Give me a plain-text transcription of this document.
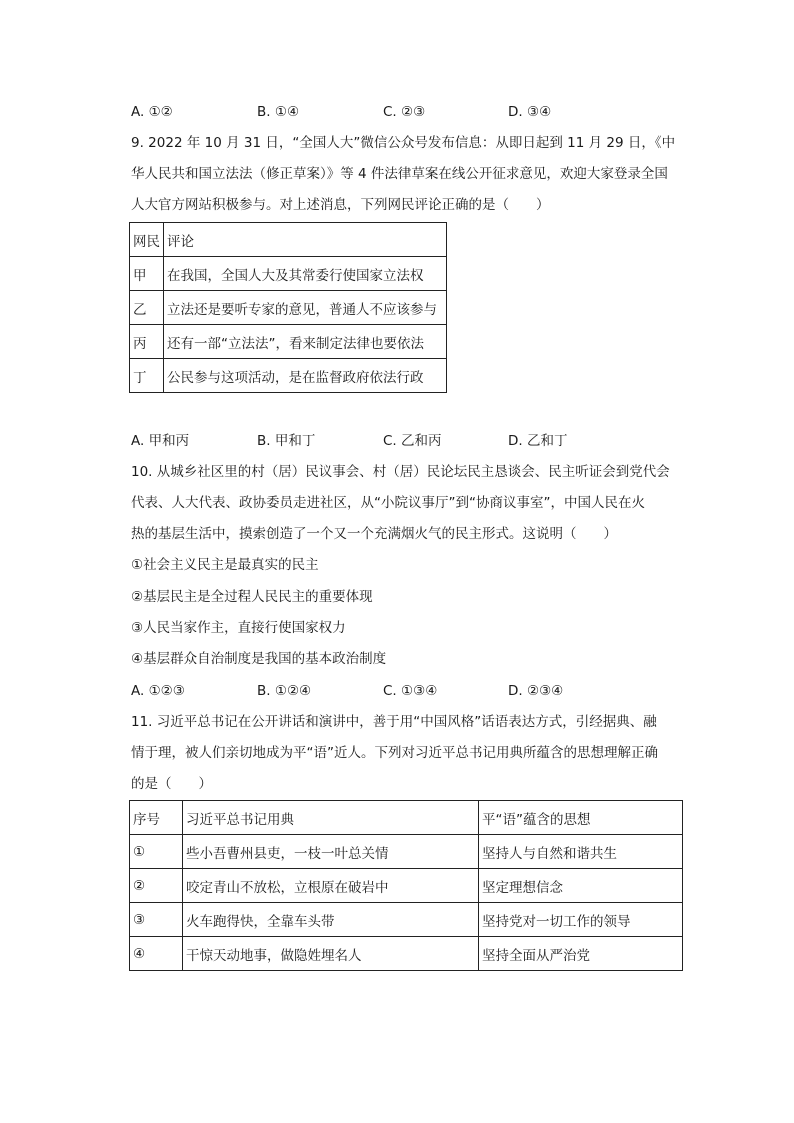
A. ①②	B. ①④	C. ②③	D. ③④
9. 2022 年 10 月 31 日，“全国人大”微信公众号发布信息：从即日起到 11 月 29 日，《中
华人民共和国立法法（修正草案）》等 4 件法律草案在线公开征求意见，欢迎大家登录全国
人大官方网站积极参与。对上述消息，下列网民评论正确的是（　　）
网民	评论
甲	在我国，全国人大及其常委行使国家立法权
乙	立法还是要听专家的意见，普通人不应该参与
丙	还有一部“立法法”，看来制定法律也要依法
丁	公民参与这项活动，是在监督政府依法行政
A. 甲和丙	B. 甲和丁	C. 乙和丙	D. 乙和丁
10. 从城乡社区里的村（居）民议事会、村（居）民论坛民主恳谈会、民主听证会到党代会
代表、人大代表、政协委员走进社区，从“小院议事厅”到“协商议事室”，中国人民在火
热的基层生活中，摸索创造了一个又一个充满烟火气的民主形式。这说明（　　）
①社会主义民主是最真实的民主
②基层民主是全过程人民民主的重要体现
③人民当家作主，直接行使国家权力
④基层群众自治制度是我国的基本政治制度
A. ①②③	B. ①②④	C. ①③④	D. ②③④
11. 习近平总书记在公开讲话和演讲中，善于用“中国风格”话语表达方式，引经据典、融
情于理，被人们亲切地成为平“语”近人。下列对习近平总书记用典所蕴含的思想理解正确
的是（　　）
序号	习近平总书记用典	平“语”蕴含的思想
①	些小吾曹州县吏，一枝一叶总关情	坚持人与自然和谐共生
②	咬定青山不放松，立根原在破岩中	坚定理想信念
③	火车跑得快，全靠车头带	坚持党对一切工作的领导
④	干惊天动地事，做隐姓埋名人	坚持全面从严治党
